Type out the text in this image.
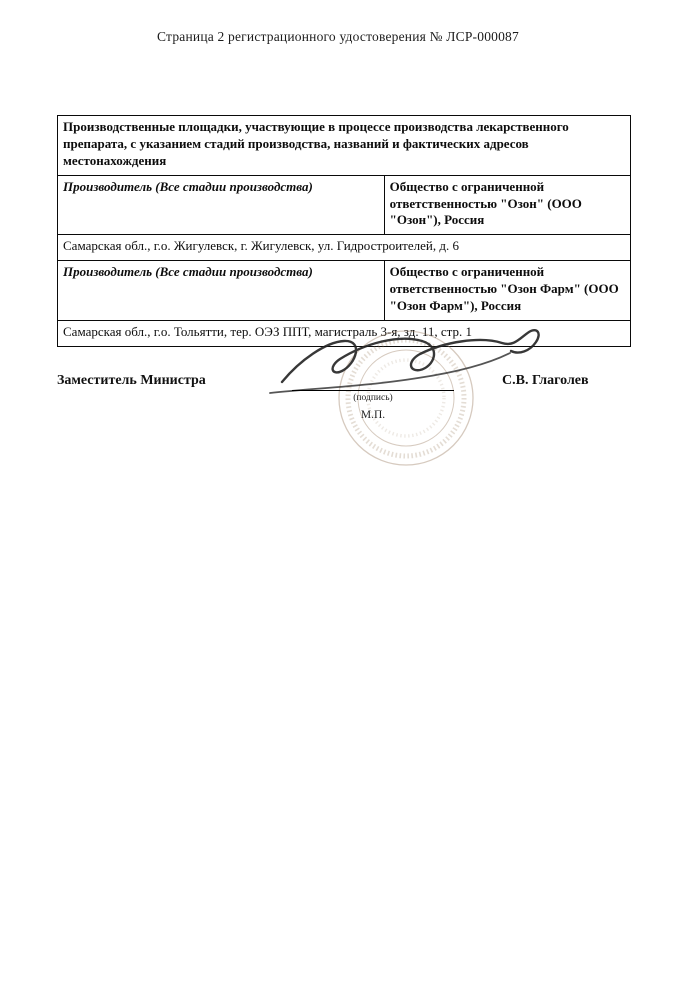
Страница 2 регистрационного удостоверения № ЛСР-000087
Производственные площадки, участвующие в процессе производства лекарственного препарата, с указанием стадий производства, названий и фактических адресов местонахождения	
Производитель (Все стадии производства)	Общество с ограниченной ответственностью "Озон" (ООО "Озон"), Россия
Самарская обл., г.о. Жигулевск, г. Жигулевск, ул. Гидростроителей, д. 6	
Производитель (Все стадии производства)	Общество с ограниченной ответственностью "Озон Фарм" (ООО "Озон Фарм"), Россия
Самарская обл., г.о. Тольятти, тер. ОЭЗ ППТ, магистраль 3-я, зд. 11, стр. 1	
Заместитель Министра
(подпись)
М.П.
С.В. Глаголев
